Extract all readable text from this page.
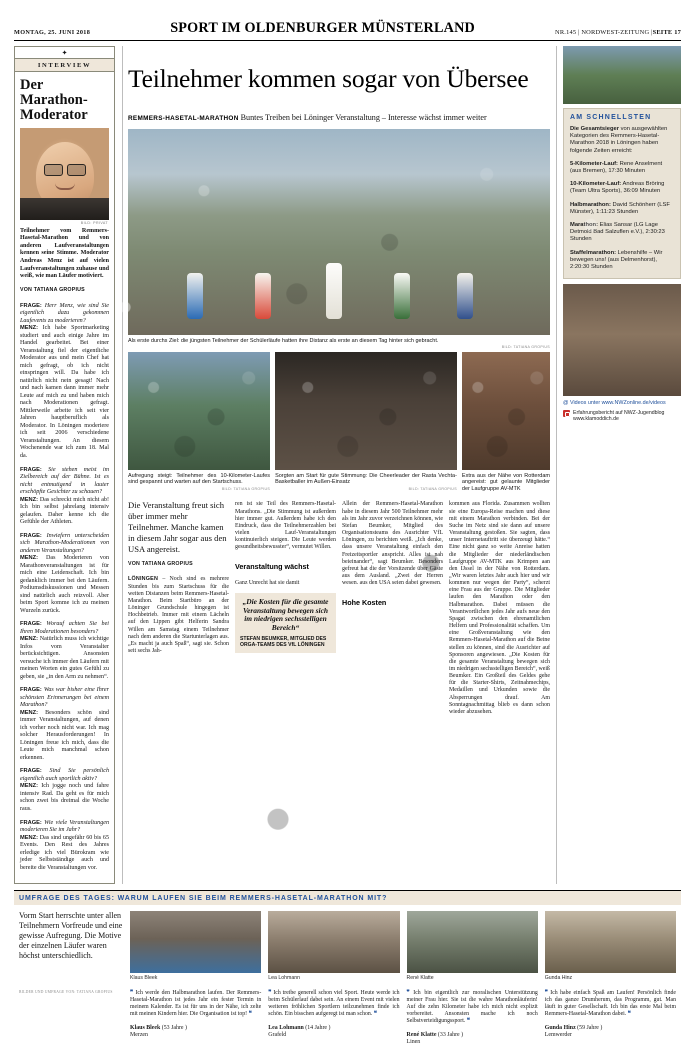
MONTAG, 25. JUNI 2018	SPORT IM OLDENBURGER MÜNSTERLAND	NR.145 | NORDWEST-ZEITUNG |SEITE 17
✦
INTERVIEW
Der Marathon-Moderator
BILD: PRIVAT
Teilnehmer vom Remmers-Hasetal-Marathon und von anderen Laufveranstaltungen kennen seine Stimme. Moderator Andreas Menz ist auf vielen Laufveranstaltungen zuhause und weiß, wie man Läufer motiviert.
VON TATIANA GROPIUS

FRAGE: Herr Menz, wie sind Sie eigentlich dazu gekommen Laufevents zu moderieren?
MENZ: Ich habe Sportmarketing studiert und auch einige Jahre im Handel gearbeitet. Bei einer Veranstaltung fiel der eigentliche Moderator aus und mein Chef hat mich gefragt, ob ich nicht einspringen will. Da habe ich natürlich nicht nein gesagt! Nach und nach kamen dann immer mehr Leute auf mich zu und haben mich nach Moderationen gefragt. Mittlerweile arbeite ich seit vier Jahren hauptberuflich als Moderator. In Löningen moderiere ich seit 2006 verschiedene Veranstaltungen. An diesem Wochenende war ich zum 18. Mal da.

FRAGE: Sie stehen meist im Zielbereich auf der Bühne. Ist es nicht entmutigend in lauter erschöpfte Gesichter zu schauen?
MENZ: Das schreckt mich nicht ab! Ich bin selbst jahrelang intensiv gelaufen. Daher kenne ich die Gefühle der Athleten.

FRAGE: Inwiefern unterscheiden sich Marathon-Moderationen von anderen Veranstaltungen?
MENZ: Das Moderieren von Marathonveranstaltungen ist für mich eine Leidenschaft. Ich bin gedanklich immer bei den Läufern. Podiumsdiskussionen und Messen sind natürlich auch reizvoll. Aber beim Sport komme ich zu meinen Wurzeln zurück.

FRAGE: Worauf achten Sie bei Ihren Moderationen besonders?
MENZ: Natürlich muss ich wichtige Infos vom Veranstalter berücksichtigen. Ansonsten versuche ich immer den Läufern mit meinen Worten ein gutes Gefühl zu geben, sie „in den Arm zu nehmen“.

FRAGE: Was war bisher eine Ihrer schönsten Erinnerungen bei einem Marathon?
MENZ: Besonders schön sind immer Veranstaltungen, auf denen ich vorher noch nicht war. Ich mag solcher Herausforderungen! In Löningen freue ich mich, dass die Leute mich manchmal schon erkennen.

FRAGE: Sind Sie persönlich eigentlich auch sportlich aktiv?
MENZ: Ich jogge noch und fahre intensiv Rad. Da geht es für mich schon zwei bis dreimal die Woche raus.

FRAGE: Wie viele Veranstaltungen moderieren Sie im Jahr?
MENZ: Das sind ungefähr 60 bis 65 Events. Den Rest des Jahres erledige ich viel Bürokram wie jeder Selbstständige auch und bereite die Veranstaltungen vor.

Teilnehmer kommen sogar von Übersee
REMMERS-HASETAL-MARATHON Buntes Treiben bei Löninger Veranstaltung – Interesse wächst immer weiter
Als erste durchs Ziel: die jüngsten Teilnehmer der Schülerläufe hatten ihre Distanz als erste an diesem Tag hinter sich gebracht.
BILD: TATIANA GROPIUS
Aufregung steigt: Teilnehmer des 10-Kilometer-Laufes sind gespannt und warten auf den Startschuss.
BILD: TATIANA GROPIUS
Sorgten am Start für gute Stimmung: Die Cheerleader der Rasta Vechta-Basketballer im Außen-Einsatz
BILD: TATIANA GROPIUS
Extra aus der Nähe von Rotterdam angereist: gut gelaunte Mitglieder der Laufgruppe AV-MTK
Die Veranstaltung freut sich über immer mehr Teilnehmer. Manche kamen in diesem Jahr sogar aus den USA angereist.
VON TATIANA GROPIUS

LÖNINGEN – Noch sind es mehrere Stunden bis zum Startschuss für die weiten Distanzen beim Remmers-Hasetal-Marathon. Beim Startbüro an der Löninger Grundschule hingegen ist Hochbetrieb. Immer mit einem Lächeln auf den Lippen gibt Helferin Sandra Willen am Samstag einem Teilnehmer nach dem anderen die Startunterlagen aus. „Es macht ja auch Spaß“, sagt sie. Schon seit sechs Jah-

ren ist sie Teil des Remmers-Hasetal-Marathons. „Die Stimmung ist außerdem hier immer gut. Außerdem habe ich den Eindruck, dass die Teilnehmerzahlen bei vielen Lauf-Veranstaltungen kontinuierlich steigen. Die Leute werden gesundheitsbewusster“, vermutet Willen.

Veranstaltung wächst

Ganz Unrecht hat sie damit

„Die Kosten für die gesamte Veranstaltung bewegen sich im niedrigen sechsstelligen Bereich“
STEFAN BEUMKER, MITGLIED DES ORGA-TEAMS DES VfL LÖNINGEN

Allein der Remmers-Hasetal-Marathon habe in diesem Jahr 500 Teilnehmer mehr als im Jahr zuvor verzeichnen können, wie Stefan Beumker, Mitglied des Organisationsteams des Ausrichter VfL Löningen, zu berichten weiß. „Ich denke, dass unsere Veranstaltung einfach den Freizeitsportler anspricht. Alles ist nah beieinander“, sagt Beumker. Besonders gefreut hat die der Vorsitzende über Gäste aus dem Ausland. „Zwei der Herren wesen. aus den USA seien dabei gewesen.

Hohe Kosten

kommen aus Florida. Zusammen wollten sie eine Europa-Reise machen und diese mit einem Marathon verbinden. Bei der Suche im Netz sind sie dann auf unsere Veranstaltung gestoßen. Sie sagten, dass unser Internetauftritt sie überzeugt hätte.“ Eine nicht ganz so weite Anreise hatten die Mitglieder der niederländischen Laufgruppe AV-MTK aus Krimpen aan den IJssel in der Nähe von Rotterdam. „Wir waren letztes Jahr auch hier und wir kommen nur wegen der Party“, scherzt eine Frau aus der Gruppe. Die Mitglieder laufen den Marathon oder den Halbmarathon. Dabei müssen die Verantwortlichen jedes Jahr aufs neue den Spagat zwischen den ehrenamtlichen Helfern und Professionalität schaffen. Um eine Großveranstaltung wie den Remmers-Hasetal-Marathon auf die Beine stellen zu können, sind die Ausrichter auf Sponsoren angewiesen. „Die Kosten für die gesamte Veranstaltung bewegen sich im niedrigen sechsstelligen Bereich“, weiß Beumker. Ein Großteil des Geldes gehe für die Starter-Shirts, Zeitnahmechips, Medaillen und Urkunden sowie die Absperrungen drauf. Am Sonntagnachmittag blieb es dann schon wieder abzusehen.

AM SCHNELLSTEN

Die Gesamtsieger von ausgewählten Kategorien des Remmers-Hasetal-Marathon 2018 in Löningen haben folgende Zeiten erreicht:

5-Kilometer-Lauf: Rene Anselment (aus Bremen), 17:30 Minuten

10-Kilometer-Lauf: Andreas Bröring (Team Ultra Sports), 36:09 Minuten

Halbmarathon: David Schönherr (LSF Münster), 1:11:23 Stunden

Marathon: Elias Sansar (LG Lage Detmold Bad Salzuflen e.V.), 2:30:23 Stunden

Staffelmarathon: Lebenshilfe – Wir bewegen uns! (aus Delmenhorst), 2:20:30 Stunden

@ Videos unter www.NWZonline.de/videos
Erfahrungsbericht auf NWZ-Jugendblog www.klamoddich.de
UMFRAGE DES TAGES: WARUM LAUFEN SIE BEIM REMMERS-HASETAL-MARATHON MIT?
Vorm Start herrschte unter allen Teilnehmern Vorfreude und eine gewisse Aufregung. Die Motive der einzelnen Läufer waren höchst unterschiedlich.
BILDER UND UMFRAGE VON: TATIANA GROPIUS
Klaus Bleek

❞ Ich werde den Halbmarathon laufen. Der Remmers-Hasetal-Marathon ist jedes Jahr ein fester Termin in meinem Kalender. Es ist für uns in der Nähe, ich zelte mit meinen Kindern hier. Die Organisation ist top! ❝

Klaus Bleek (53 Jahre )
Merzen
Lea Lohmann

❞ Ich treibe generell schon viel Sport. Heute werde ich beim Schülerlauf dabei sein. An einem Event mit vielen weiteren fröhlichen Sportlern teilzunehmen finde ich schön. Ein bisschen aufgeregt ist man schon. ❝

Lea Lohmann (14 Jahre )
Grafeld
René Klatte

❞ Ich bin eigentlich zur moralischen Unterstützung meiner Frau hier. Sie ist die wahre Marathonläuferin! Auf die zehn Kilometer habe ich mich nicht explizit vorbereitet. Ansonsten mache ich noch Selbstverteidigungssport. ❝

René Klatte (33 Jahre )
Linen
Gunda Hinz

❞ Ich habe einfach Spaß am Laufen! Persönlich finde ich das ganze Drumherum, das Programm, gut. Man läuft in guter Gesellschaft. Ich bin das erste Mal beim Remmers-Hasetal-Marathon dabei. ❝

Gunda Hinz (59 Jahre )
Lemwerder
